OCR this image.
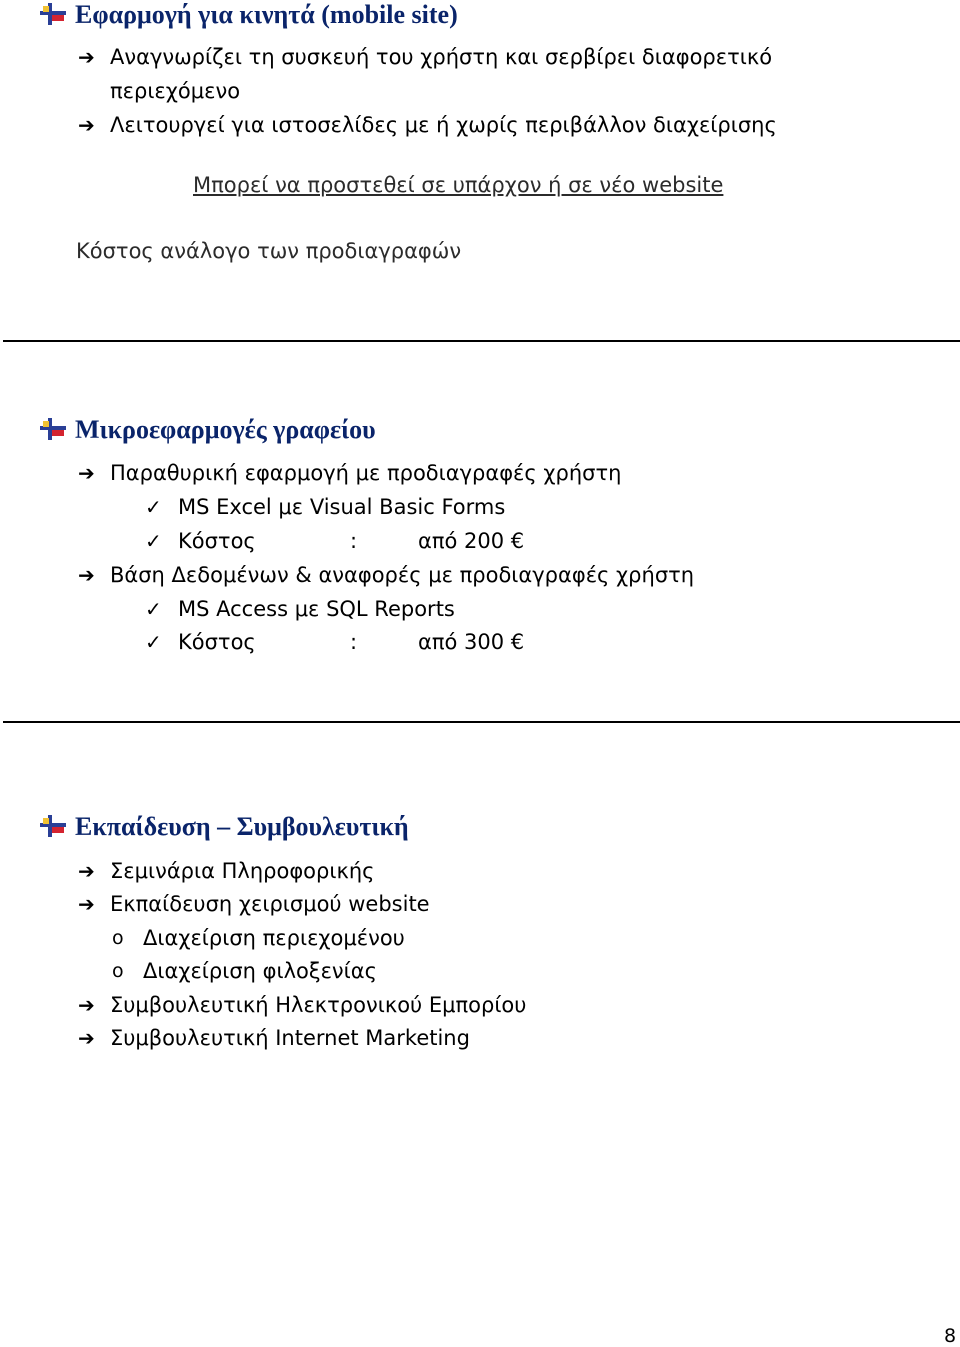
Εφαρμογή για κινητά (mobile site)
➔ Αναγνωρίζει τη συσκευή του χρήστη και σερβίρει διαφορετικό
περιεχόμενο
➔ Λειτουργεί για ιστοσελίδες με ή χωρίς περιβάλλον διαχείρισης
Μπορεί να προστεθεί σε υπάρχον ή σε νέο website
Κόστος ανάλογο των προδιαγραφών
Μικροεφαρμογές γραφείου
➔ Παραθυρική εφαρμογή με προδιαγραφές χρήστη
✓ MS Excel με Visual Basic Forms
✓ Κόστος	:	από 200 €
➔ Βάση Δεδομένων & αναφορές με προδιαγραφές χρήστη
✓ MS Access με SQL Reports
✓ Κόστος	:	από 300 €
Εκπαίδευση – Συμβουλευτική
➔ Σεμινάρια Πληροφορικής
➔ Εκπαίδευση χειρισμού website
o Διαχείριση περιεχομένου
o Διαχείριση φιλοξενίας
➔ Συμβουλευτική Ηλεκτρονικού Εμπορίου
➔ Συμβουλευτική Internet Marketing
8
